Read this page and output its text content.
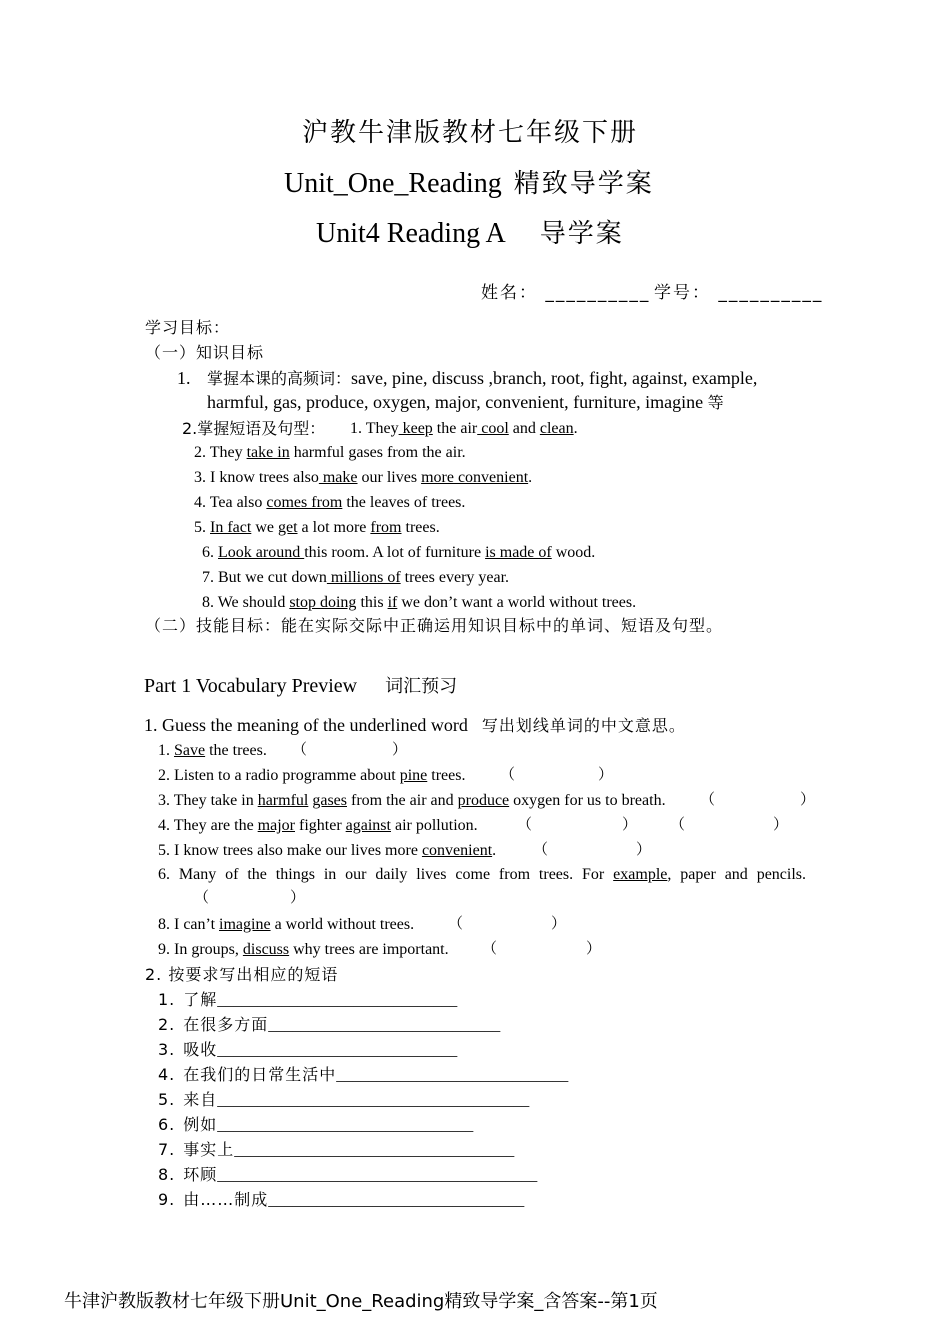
沪教牛津版教材七年级下册
Unit_One_Reading 精致导学案
Unit4 Reading A 导学案
姓名： __________ 学号： __________
学习目标：
（一）知识目标
1. 掌握本课的高频词：save, pine, discuss ,branch, root, fight, against, example,
harmful, gas, produce, oxygen, major, convenient, furniture, imagine 等
2.掌握短语及句型： 1. They keep the air cool and clean.
2. They take in harmful gases from the air.
3. I know trees also make our lives more convenient.
4. Tea also comes from the leaves of trees.
5. In fact we get a lot more from trees.
6. Look around this room. A lot of furniture is made of wood.
7. But we cut down millions of trees every year.
8. We should stop doing this if we don’t want a world without trees.
（二）技能目标：能在实际交际中正确运用知识目标中的单词、短语及句型。
Part 1 Vocabulary Preview 词汇预习
1. Guess the meaning of the underlined word 写出划线单词的中文意思。
1. Save the trees. （	）
2. Listen to a radio programme about pine trees. （	）
3. They take in harmful gases from the air and produce oxygen for us to breath. （	）
4. They are the major fighter against air pollution.	（	） （	）
5. I know trees also make our lives more convenient. （	）
6. Many of the things in our daily lives come from trees. For example, paper and pencils.
（	）
8. I can’t imagine a world without trees. （	）
9. In groups, discuss why trees are important. （	）
2. 按要求写出相应的短语
1. 了解______________________________
2. 在很多方面_____________________________
3. 吸收______________________________
4. 在我们的日常生活中_____________________________
5. 来自_______________________________________
6. 例如________________________________
7. 事实上___________________________________
8. 环顾________________________________________
9. 由……制成________________________________
牛津沪教版教材七年级下册Unit_One_Reading精致导学案_含答案--第1页
